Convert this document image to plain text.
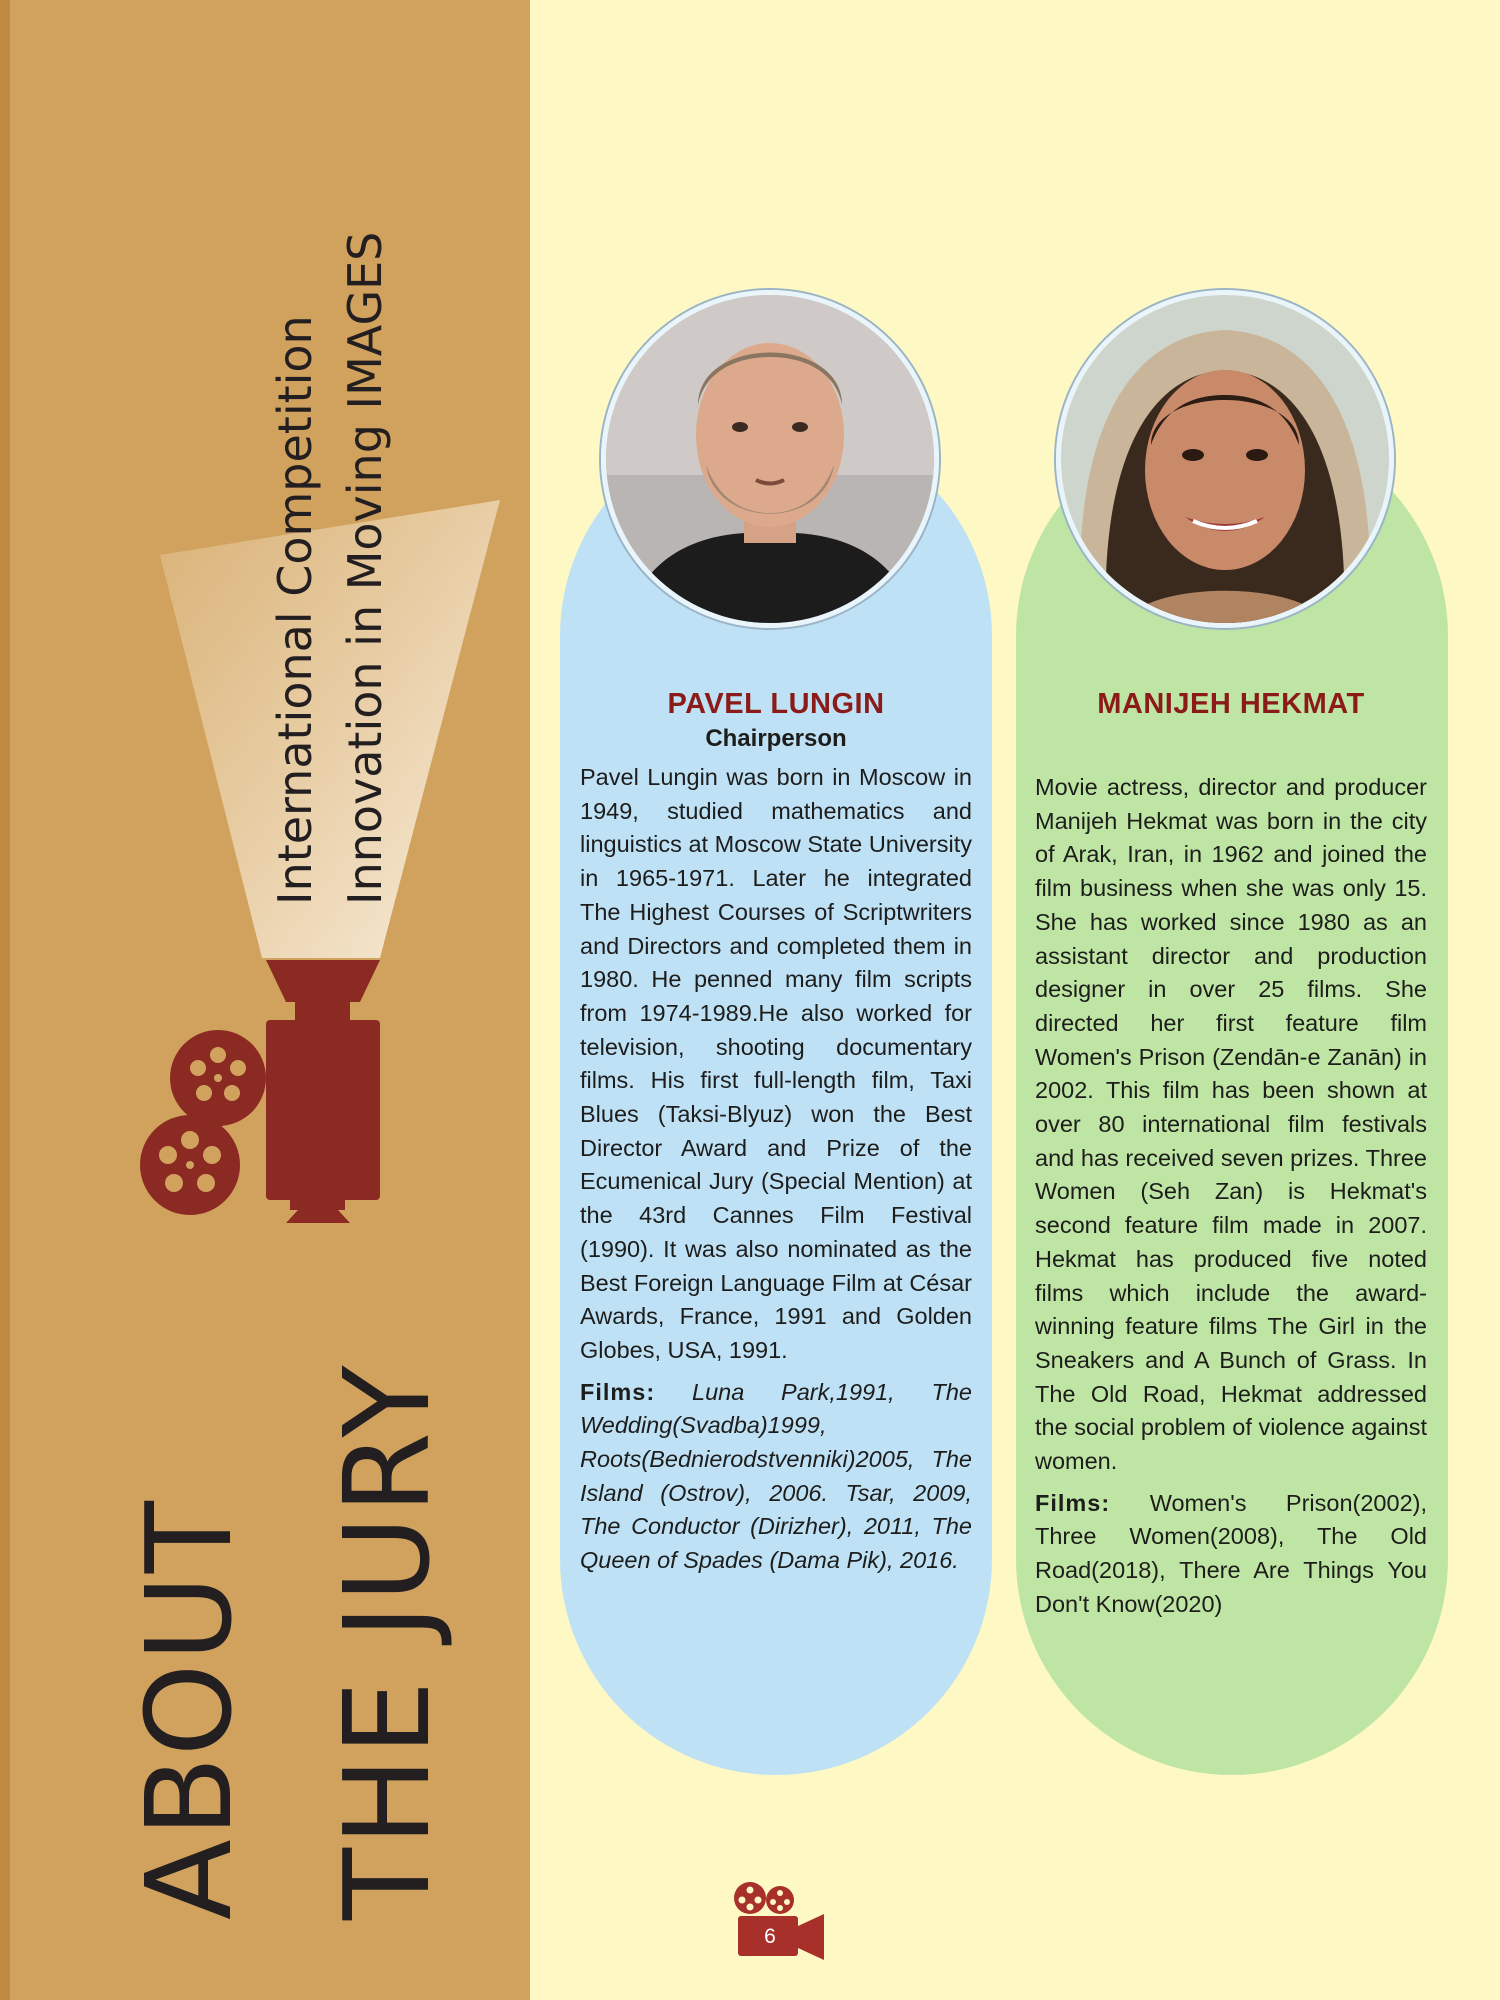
International Competition Innovation in Moving IMAGES
ABOUT THE JURY
PAVEL LUNGIN
Chairperson

Pavel Lungin was born in Moscow in 1949, studied mathematics and linguistics at Moscow State University in 1965-1971. Later he integrated The Highest Courses of Scriptwriters and Directors and completed them in 1980. He penned many film scripts from 1974-1989.He also worked for television, shooting documentary films. His first full-length film, Taxi Blues (Taksi-Blyuz) won the Best Director Award and Prize of the Ecumenical Jury (Special Mention) at the 43rd Cannes Film Festival (1990). It was also nominated as the Best Foreign Language Film at César Awards, France, 1991 and Golden Globes, USA, 1991.

Films: Luna Park,1991, The Wedding(Svadba)1999, Roots(Bednierodstvenniki)2005, The Island (Ostrov), 2006. Tsar, 2009, The Conductor (Dirizher), 2011, The Queen of Spades (Dama Pik), 2016.

MANIJEH HEKMAT

Movie actress, director and producer Manijeh Hekmat was born in the city of Arak, Iran, in 1962 and joined the film business when she was only 15. She has worked since 1980 as an assistant director and production designer in over 25 films. She directed her first feature film Women's Prison (Zendān-e Zanān) in 2002. This film has been shown at over 80 international film festivals and has received seven prizes. Three Women (Seh Zan) is Hekmat's second feature film made in 2007. Hekmat has produced five noted films which include the award-winning feature films The Girl in the Sneakers and A Bunch of Grass. In The Old Road, Hekmat addressed the social problem of violence against women.

Films: Women's Prison(2002), Three Women(2008), The Old Road(2018), There Are Things You Don't Know(2020)

6
